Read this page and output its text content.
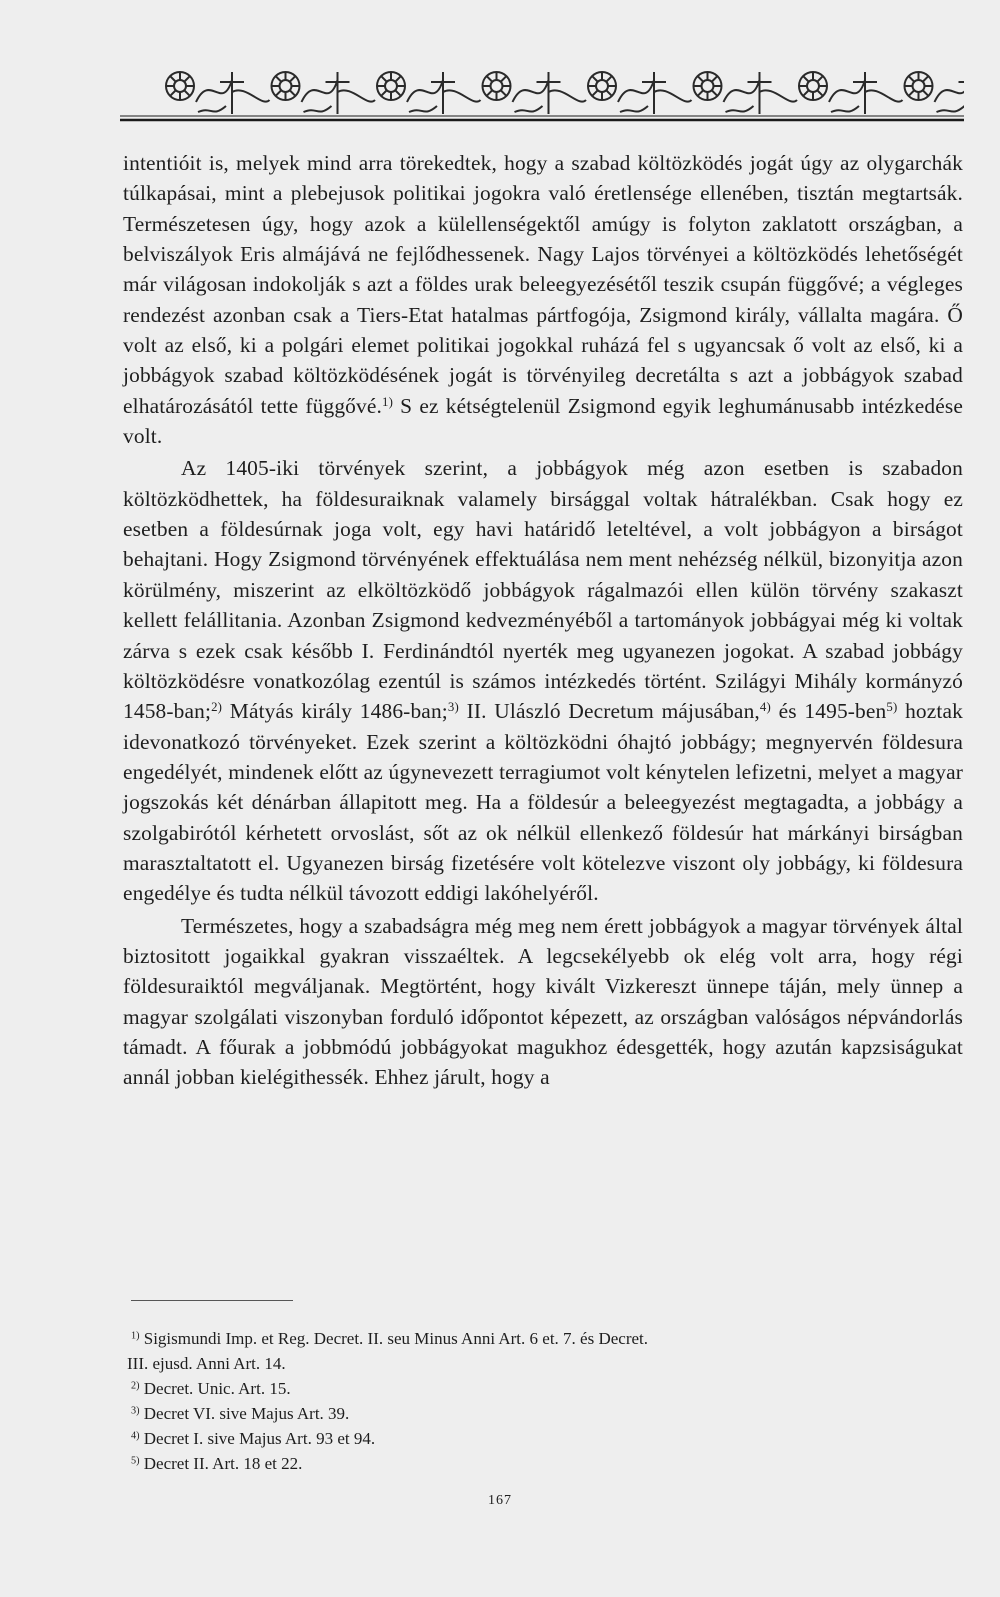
intentióit is, melyek mind arra törekedtek, hogy a szabad költözködés jogát úgy az olygarchák túlkapásai, mint a plebejusok politikai jogokra való éretlensége ellenében, tisztán megtartsák. Természetesen úgy, hogy azok a külellenségektől amúgy is folyton zaklatott országban, a belviszályok Eris almájává ne fejlődhessenek. Nagy Lajos törvényei a költözködés lehetőségét már világosan indokolják s azt a földes urak beleegyezésétől teszik csupán függővé; a végleges rendezést azonban csak a Tiers-Etat hatalmas pártfogója, Zsigmond király, vállalta magára. Ő volt az első, ki a polgári elemet politikai jogokkal ruházá fel s ugyancsak ő volt az első, ki a jobbágyok szabad költözködésének jogát is törvényileg decretálta s azt a jobbágyok szabad elhatározásától tette függővé.$^{1)}$ S ez kétségtelenül Zsigmond egyik leghumánusabb intézkedése volt.

Az 1405-iki törvények szerint, a jobbágyok még azon esetben is szabadon költözködhettek, ha földesuraiknak valamely birsággal voltak hátralékban. Csak hogy ez esetben a földesúrnak joga volt, egy havi határidő leteltével, a volt jobbágyon a birságot behajtani. Hogy Zsigmond törvényének effektuálása nem ment nehézség nélkül, bizonyitja azon körülmény, miszerint az elköltözködő jobbágyok rágalmazói ellen külön törvény szakaszt kellett felállitania. Azonban Zsigmond kedvezményéből a tartományok jobbágyai még ki voltak zárva s ezek csak később I. Ferdinándtól nyerték meg ugyanezen jogokat. A szabad jobbágy költözködésre vonatkozólag ezentúl is számos intézkedés történt. Szilágyi Mihály kormányzó 1458-ban;$^{2)}$ Mátyás király 1486-ban;$^{3)}$ II. Ulászló Decretum májusában,$^{4)}$ és 1495-ben$^{5)}$ hoztak idevonatkozó törvényeket. Ezek szerint a költözködni óhajtó jobbágy; megnyervén földesura engedélyét, mindenek előtt az úgynevezett terragiumot volt kénytelen lefizetni, melyet a magyar jogszokás két dénárban állapitott meg. Ha a földesúr a beleegyezést megtagadta, a jobbágy a szolgabirótól kérhetett orvoslást, sőt az ok nélkül ellenkező földesúr hat márkányi birságban marasztaltatott el. Ugyanezen birság fizetésére volt kötelezve viszont oly jobbágy, ki földesura engedélye és tudta nélkül távozott eddigi lakóhelyéről.

Természetes, hogy a szabadságra még meg nem érett jobbágyok a magyar törvények által biztositott jogaikkal gyakran visszaéltek. A legcsekélyebb ok elég volt arra, hogy régi földesuraiktól megváljanak. Megtörtént, hogy kivált Vizkereszt ünnepe táján, mely ünnep a magyar szolgálati viszonyban forduló időpontot képezett, az országban valóságos népvándorlás támadt. A főurak a jobbmódú jobbágyokat magukhoz édesgették, hogy azután kapzsiságukat annál jobban kielégithessék. Ehhez járult, hogy a

$^{1)}$ Sigismundi Imp. et Reg. Decret. II. seu Minus Anni Art. 6 et. 7. és Decret.

III. ejusd. Anni Art. 14.

$^{2)}$ Decret. Unic. Art. 15.

$^{3)}$ Decret VI. sive Majus Art. 39.

$^{4)}$ Decret I. sive Majus Art. 93 et 94.

$^{5)}$ Decret II. Art. 18 et 22.

167
